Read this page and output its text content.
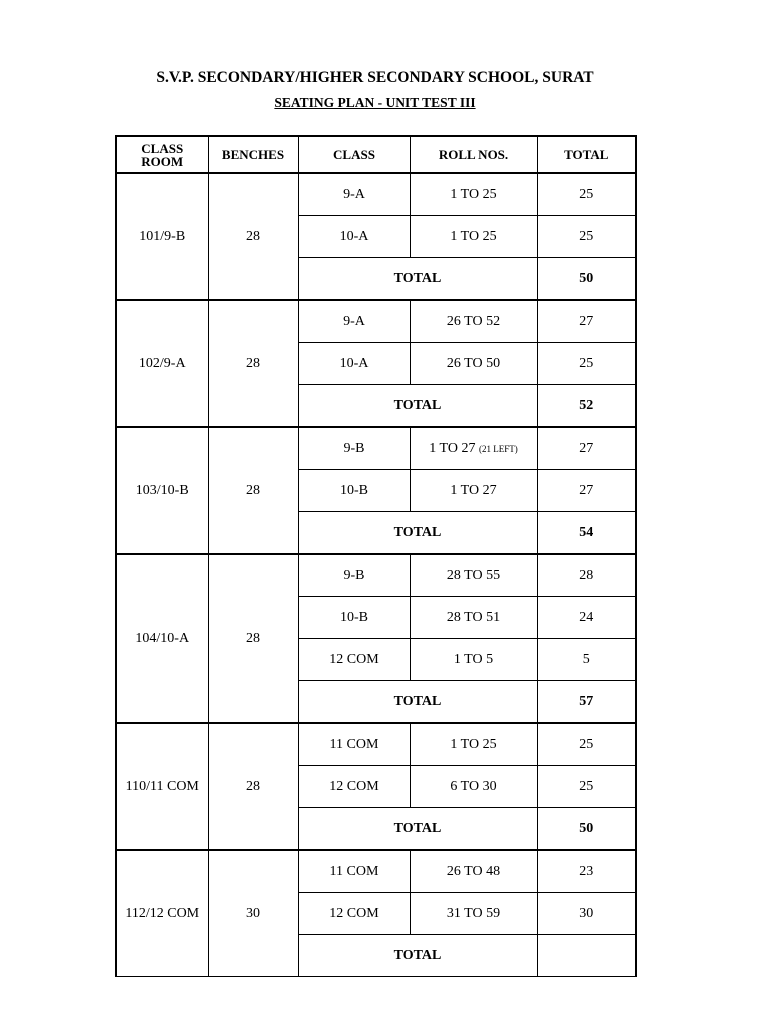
S.V.P. SECONDARY/HIGHER SECONDARY SCHOOL, SURAT
SEATING PLAN - UNIT TEST III
CLASS
ROOM	BENCHES	CLASS	ROLL NOS.	TOTAL
101/9-B	28	9-A	1 TO 25	25
		10-A	1 TO 25	25
		TOTAL		50
102/9-A	28	9-A	26 TO 52	27
		10-A	26 TO 50	25
		TOTAL		52
103/10-B	28	9-B	1 TO 27 (21 LEFT)	27
		10-B	1 TO 27	27
		TOTAL		54
104/10-A	28	9-B	28 TO 55	28
		10-B	28 TO 51	24
		12 COM	1 TO 5	5
		TOTAL		57
110/11 COM	28	11 COM	1 TO 25	25
		12 COM	6 TO 30	25
		TOTAL		50
112/12 COM	30	11 COM	26 TO 48	23
		12 COM	31 TO 59	30
		TOTAL		
